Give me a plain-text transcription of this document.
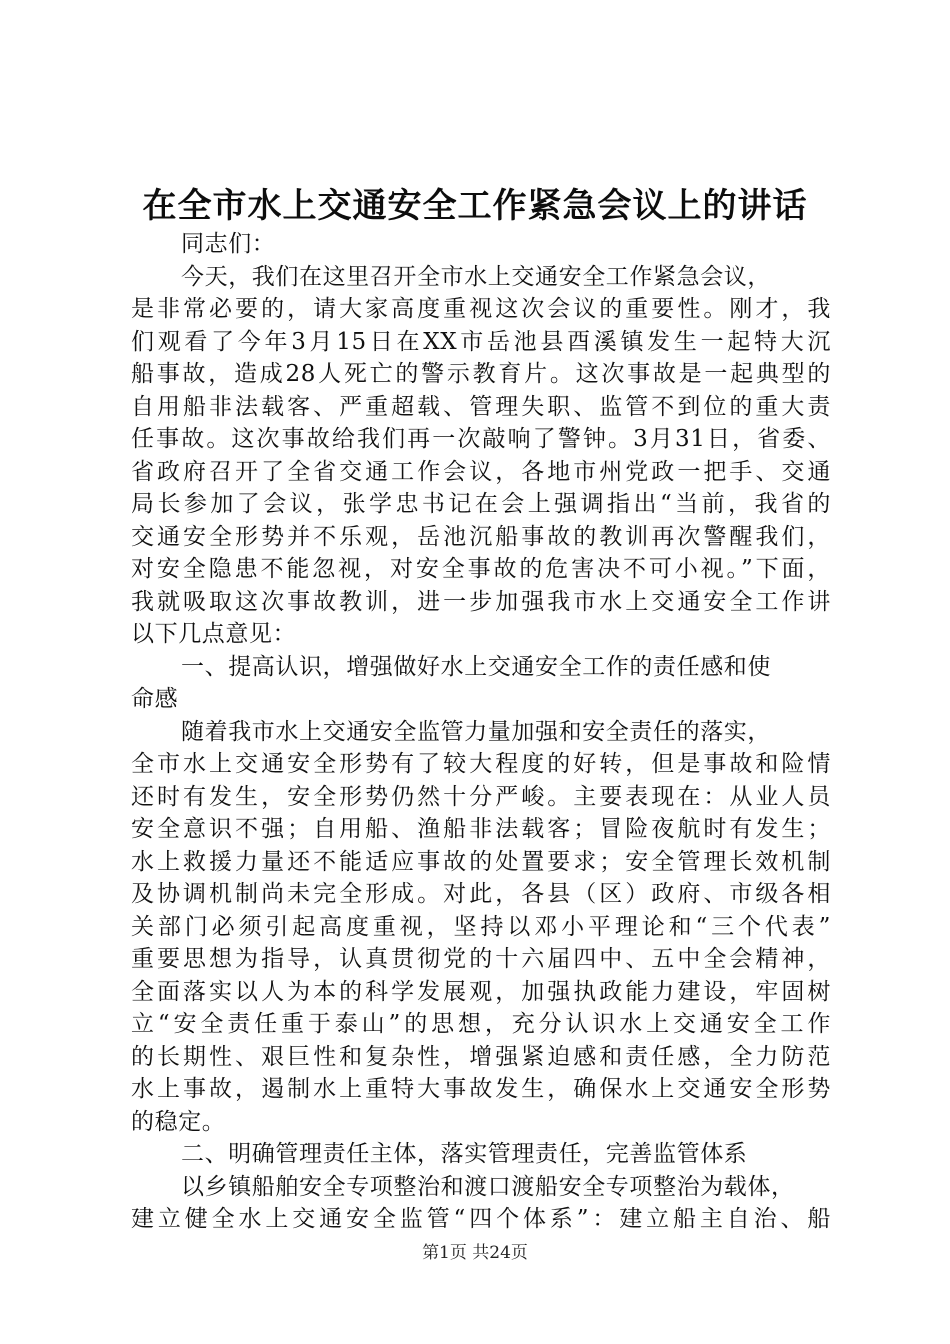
在全市水上交通安全工作紧急会议上的讲话
同志们：
今天，我们在这里召开全市水上交通安全工作紧急会议，
是非常必要的，请大家高度重视这次会议的重要性。刚才，我
们观看了今年3月15日在XX市岳池县酉溪镇发生一起特大沉
船事故，造成28人死亡的警示教育片。这次事故是一起典型的
自用船非法载客、严重超载、管理失职、监管不到位的重大责
任事故。这次事故给我们再一次敲响了警钟。3月31日，省委、
省政府召开了全省交通工作会议，各地市州党政一把手、交通
局长参加了会议，张学忠书记在会上强调指出“当前，我省的
交通安全形势并不乐观，岳池沉船事故的教训再次警醒我们，
对安全隐患不能忽视，对安全事故的危害决不可小视。”下面，
我就吸取这次事故教训，进一步加强我市水上交通安全工作讲
以下几点意见：
一、提高认识，增强做好水上交通安全工作的责任感和使
命感
随着我市水上交通安全监管力量加强和安全责任的落实，
全市水上交通安全形势有了较大程度的好转，但是事故和险情
还时有发生，安全形势仍然十分严峻。主要表现在：从业人员
安全意识不强；自用船、渔船非法载客；冒险夜航时有发生；
水上救援力量还不能适应事故的处置要求；安全管理长效机制
及协调机制尚未完全形成。对此，各县（区）政府、市级各相
关部门必须引起高度重视，坚持以邓小平理论和“三个代表”
重要思想为指导，认真贯彻党的十六届四中、五中全会精神，
全面落实以人为本的科学发展观，加强执政能力建设，牢固树
立“安全责任重于泰山”的思想，充分认识水上交通安全工作
的长期性、艰巨性和复杂性，增强紧迫感和责任感，全力防范
水上事故，遏制水上重特大事故发生，确保水上交通安全形势
的稳定。
二、明确管理责任主体，落实管理责任，完善监管体系
以乡镇船舶安全专项整治和渡口渡船安全专项整治为载体，
建立健全水上交通安全监管“四个体系”：建立船主自治、船
第1页 共24页
